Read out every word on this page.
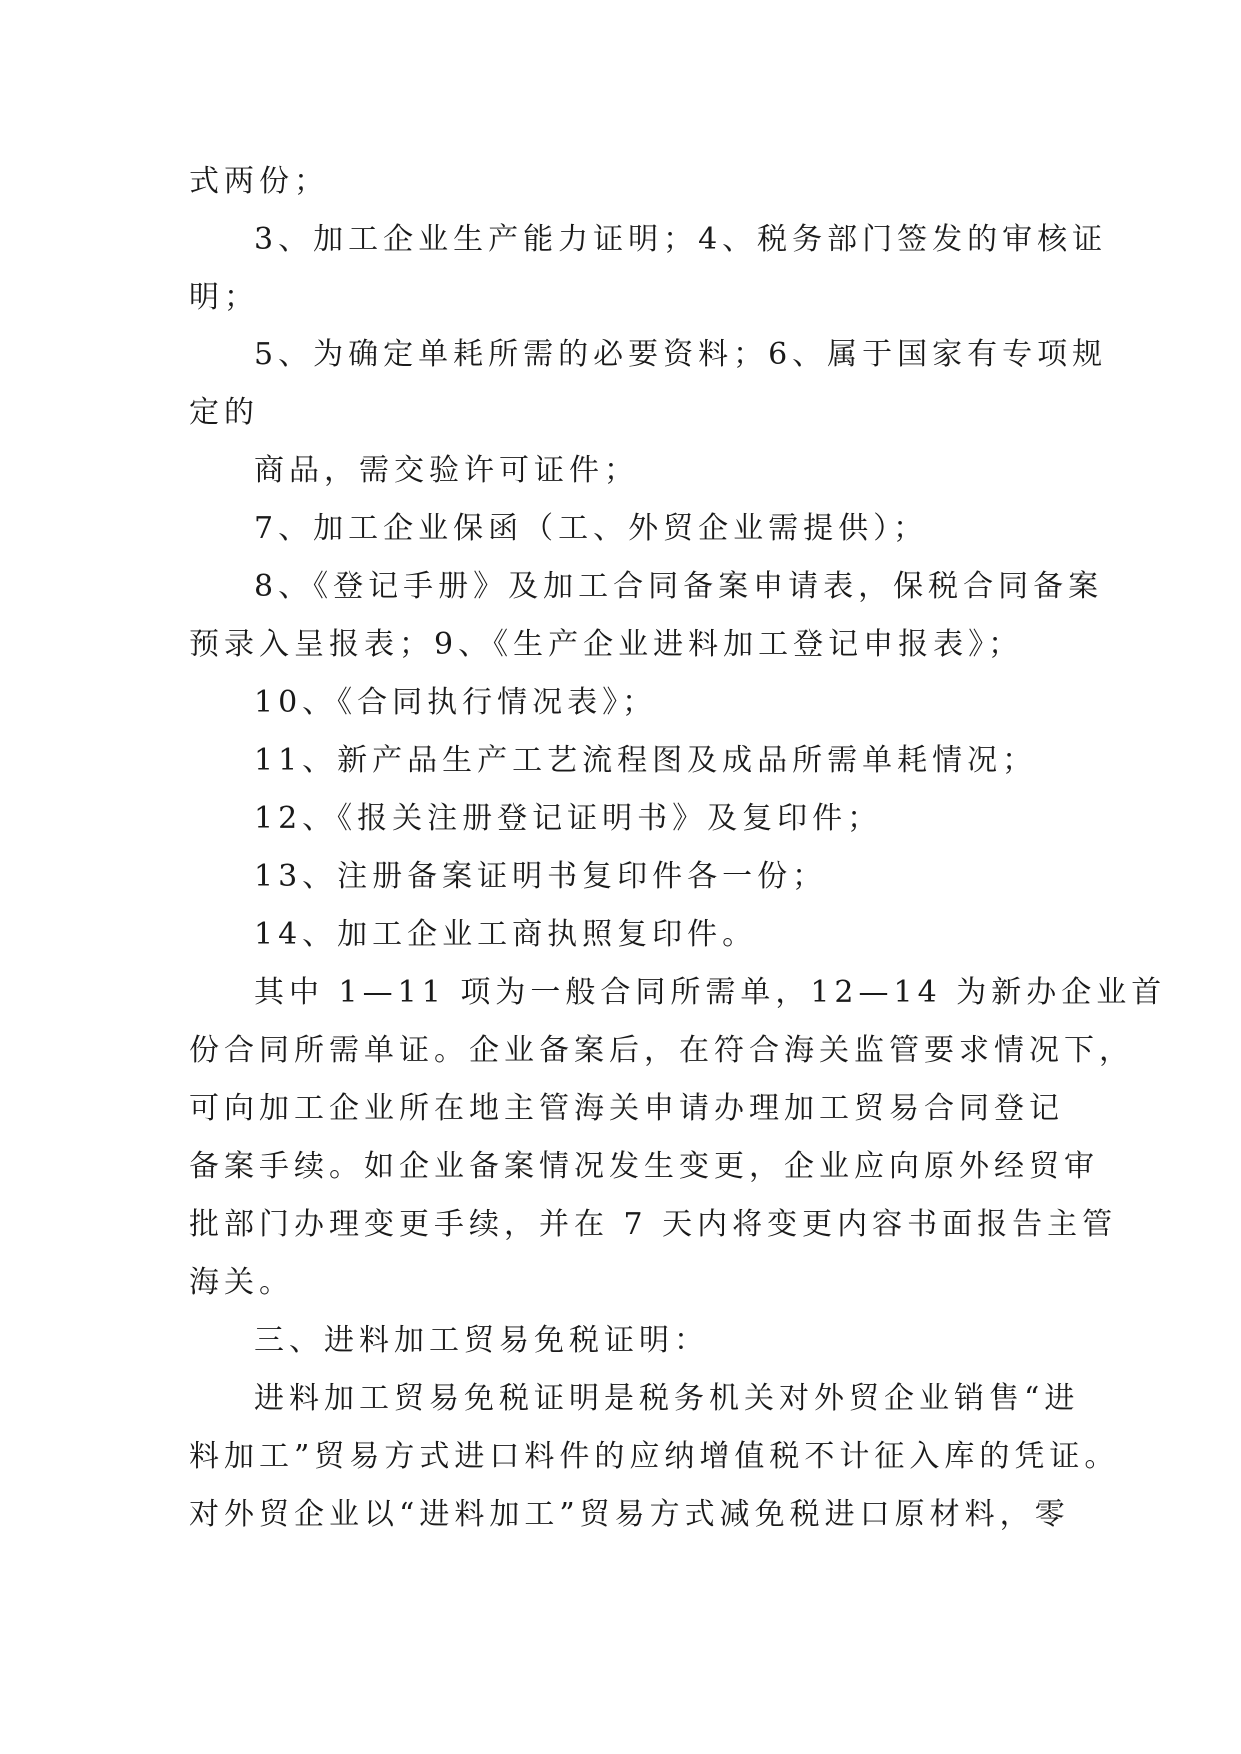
式两份；
3、加工企业生产能力证明；4、税务部门签发的审核证
明；
5、为确定单耗所需的必要资料；6、属于国家有专项规
定的
商品，需交验许可证件；
7、加工企业保函（工、外贸企业需提供）；
8、《登记手册》及加工合同备案申请表，保税合同备案
预录入呈报表；9、《生产企业进料加工登记申报表》；
10、《合同执行情况表》；
11、新产品生产工艺流程图及成品所需单耗情况；
12、《报关注册登记证明书》及复印件；
13、注册备案证明书复印件各一份；
14、加工企业工商执照复印件。
其中 1—11 项为一般合同所需单，12—14 为新办企业首
份合同所需单证。企业备案后，在符合海关监管要求情况下，
可向加工企业所在地主管海关申请办理加工贸易合同登记
备案手续。如企业备案情况发生变更，企业应向原外经贸审
批部门办理变更手续，并在 7 天内将变更内容书面报告主管
海关。
三、进料加工贸易免税证明：
进料加工贸易免税证明是税务机关对外贸企业销售“进
料加工”贸易方式进口料件的应纳增值税不计征入库的凭证。
对外贸企业以“进料加工”贸易方式减免税进口原材料，零
